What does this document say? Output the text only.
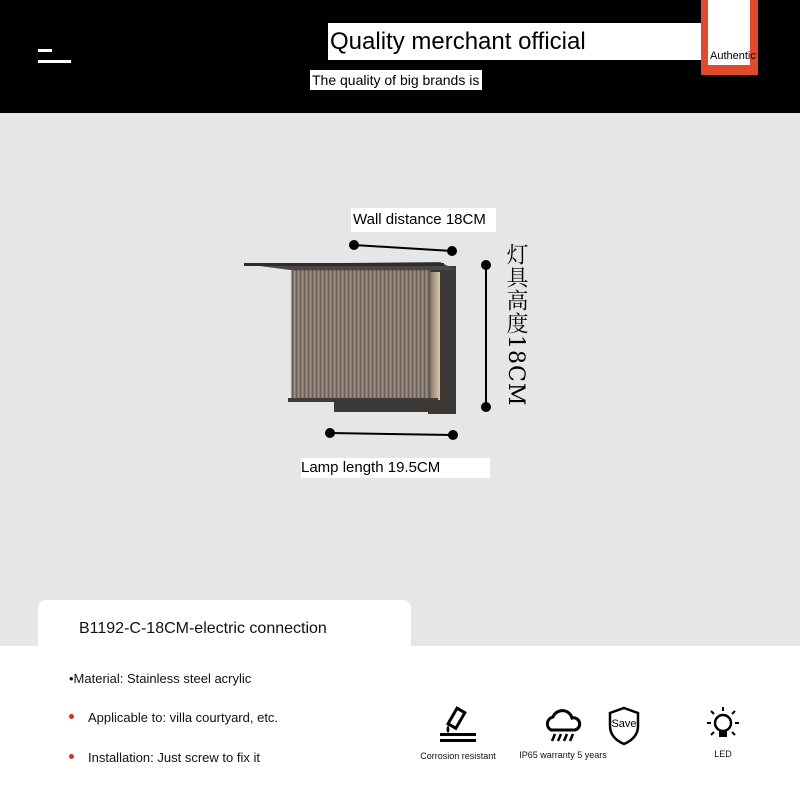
Quality merchant official
The quality of big brands is
Authentic
Wall distance 18CM
灯具高度18CM
Lamp length 19.5CM
B1192-C-18CM-electric connection
•Material: Stainless steel acrylic
Applicable to: villa courtyard, etc.
Installation: Just screw to fix it	Corrosion resistant	IP65 warranty 5 years
Save
LED
